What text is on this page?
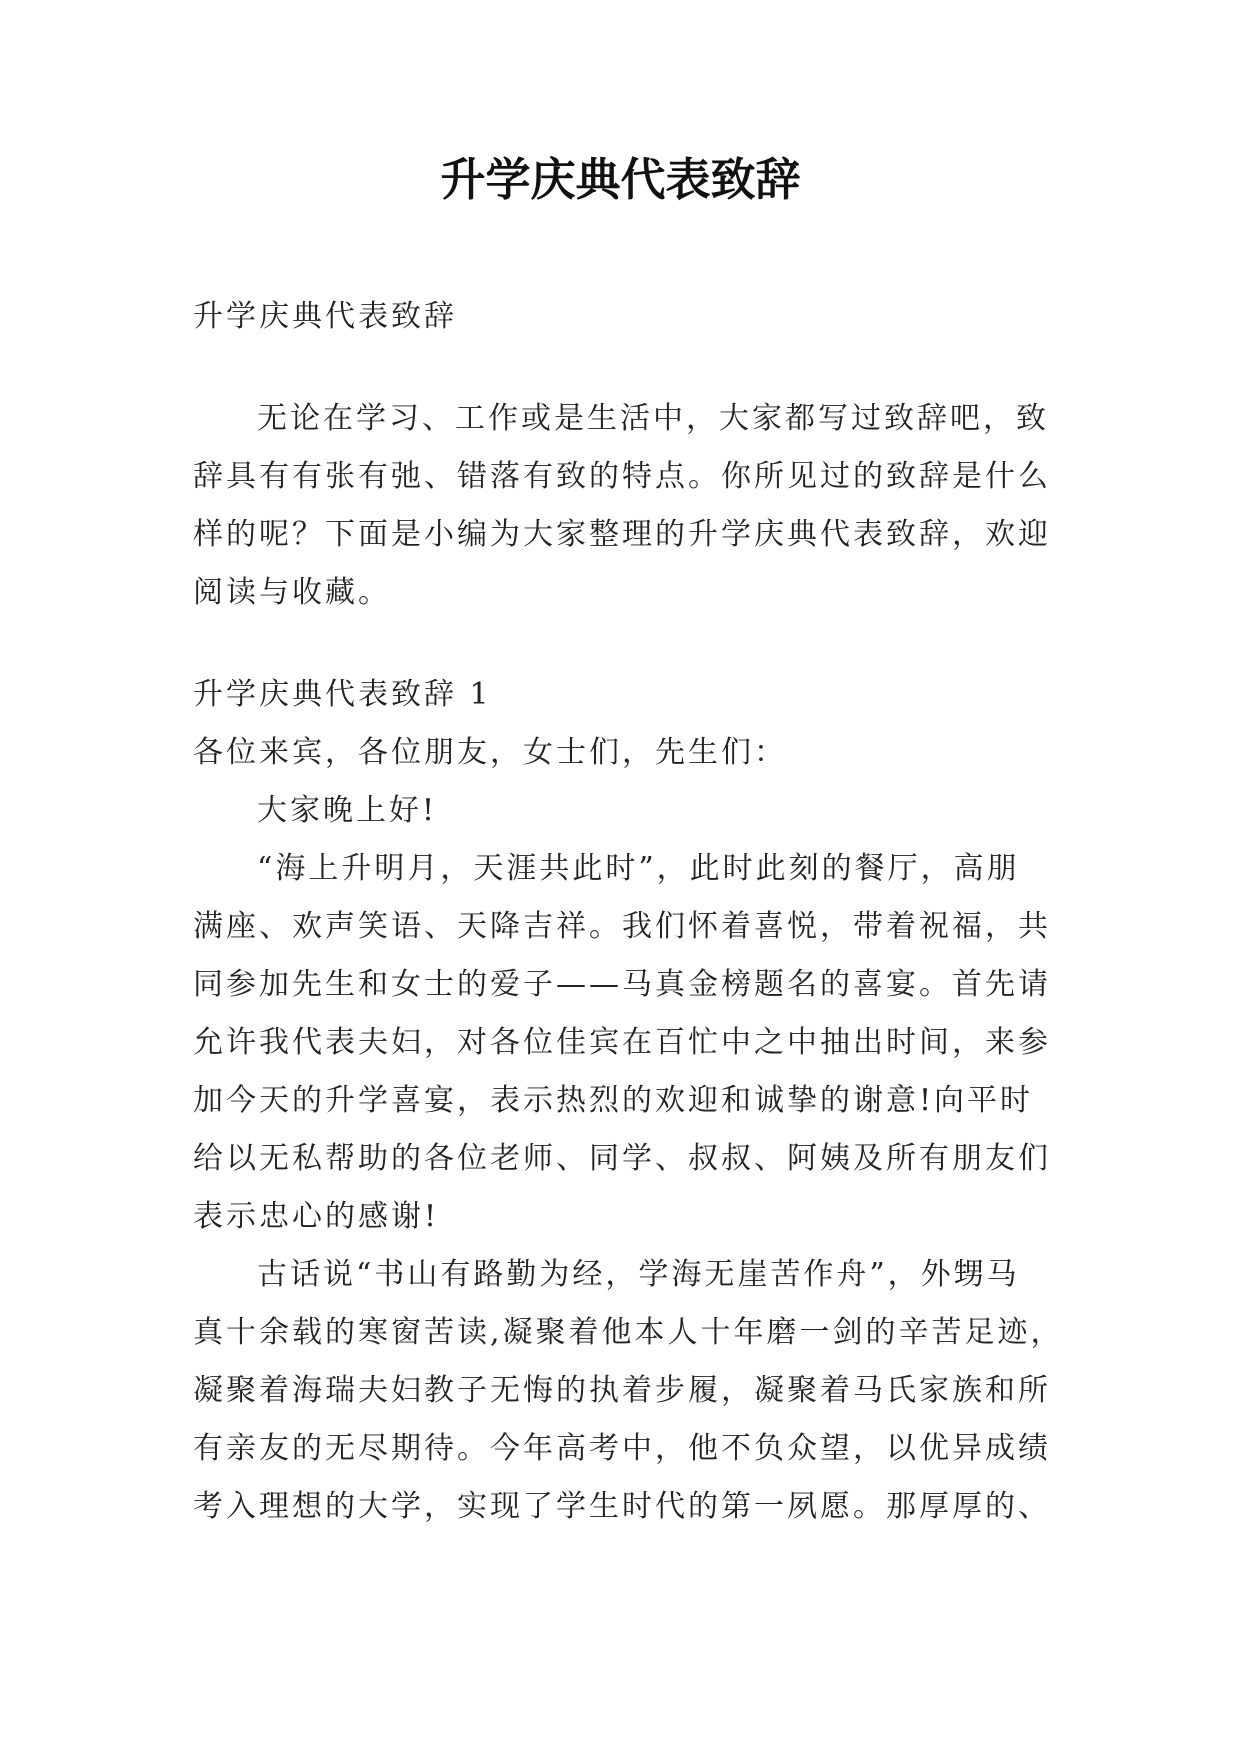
升学庆典代表致辞

升学庆典代表致辞

无论在学习、工作或是生活中，大家都写过致辞吧，致

辞具有有张有弛、错落有致的特点。你所见过的致辞是什么

样的呢？下面是小编为大家整理的升学庆典代表致辞，欢迎

阅读与收藏。

升学庆典代表致辞 1

各位来宾，各位朋友，女士们，先生们：

大家晚上好!

“海上升明月，天涯共此时”，此时此刻的餐厅，高朋

满座、欢声笑语、天降吉祥。我们怀着喜悦，带着祝福，共

同参加先生和女士的爱子——马真金榜题名的喜宴。首先请

允许我代表夫妇，对各位佳宾在百忙中之中抽出时间，来参

加今天的升学喜宴，表示热烈的欢迎和诚挚的谢意!向平时

给以无私帮助的各位老师、同学、叔叔、阿姨及所有朋友们

表示忠心的感谢!

古话说“书山有路勤为经，学海无崖苦作舟”，外甥马

真十余载的寒窗苦读,凝聚着他本人十年磨一剑的辛苦足迹，

凝聚着海瑞夫妇教子无悔的执着步履，凝聚着马氏家族和所

有亲友的无尽期待。今年高考中，他不负众望，以优异成绩

考入理想的大学，实现了学生时代的第一夙愿。那厚厚的、
